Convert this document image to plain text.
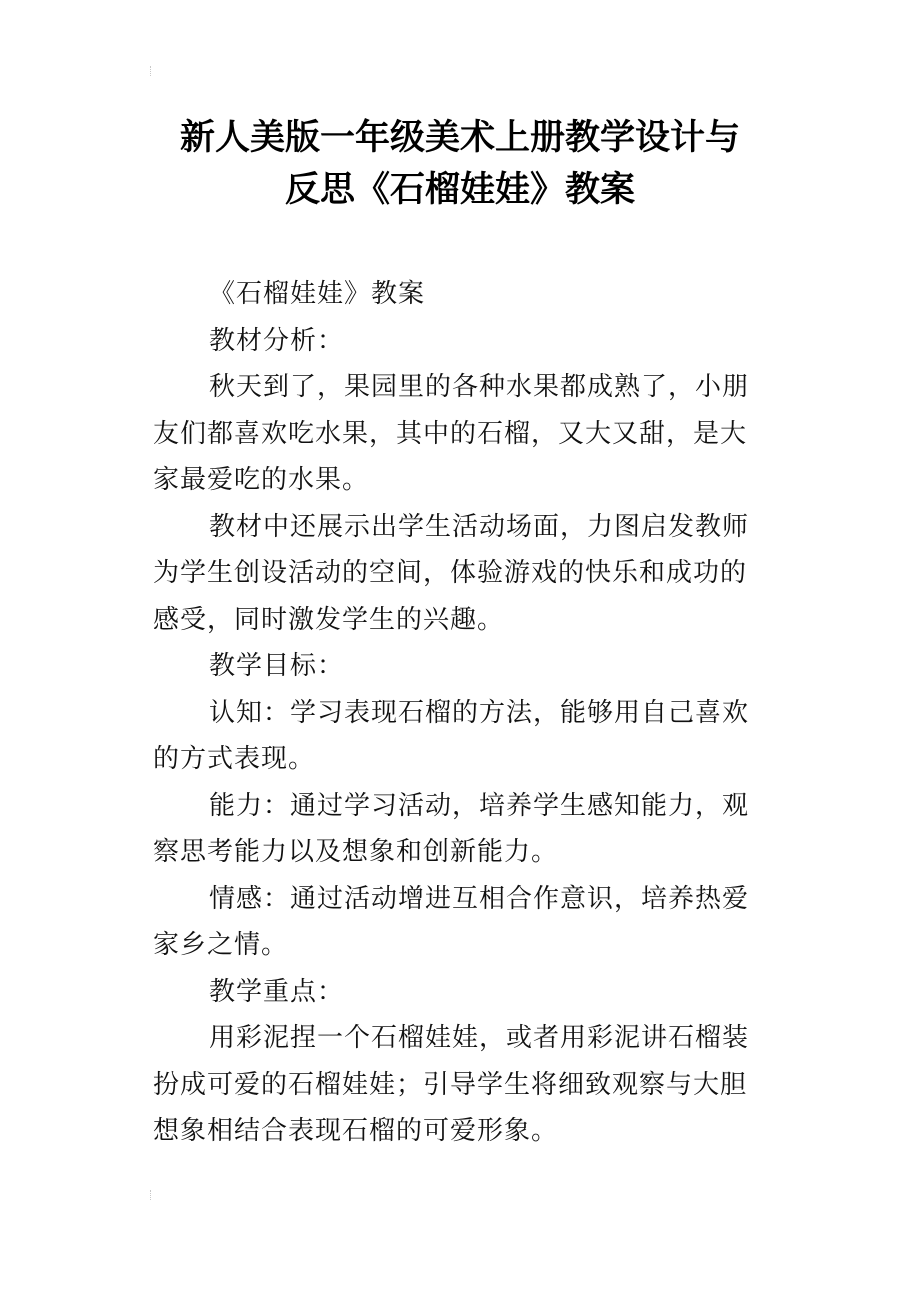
新人美版一年级美术上册教学设计与
反思《石榴娃娃》教案

《石榴娃娃》教案

教材分析：

秋天到了，果园里的各种水果都成熟了，小朋友们都喜欢吃水果，其中的石榴，又大又甜，是大家最爱吃的水果。

教材中还展示出学生活动场面，力图启发教师为学生创设活动的空间，体验游戏的快乐和成功的感受，同时激发学生的兴趣。

教学目标：

认知：学习表现石榴的方法，能够用自己喜欢的方式表现。

能力：通过学习活动，培养学生感知能力，观察思考能力以及想象和创新能力。

情感：通过活动增进互相合作意识，培养热爱家乡之情。

教学重点：

用彩泥捏一个石榴娃娃，或者用彩泥讲石榴装扮成可爱的石榴娃娃；引导学生将细致观察与大胆想象相结合表现石榴的可爱形象。
